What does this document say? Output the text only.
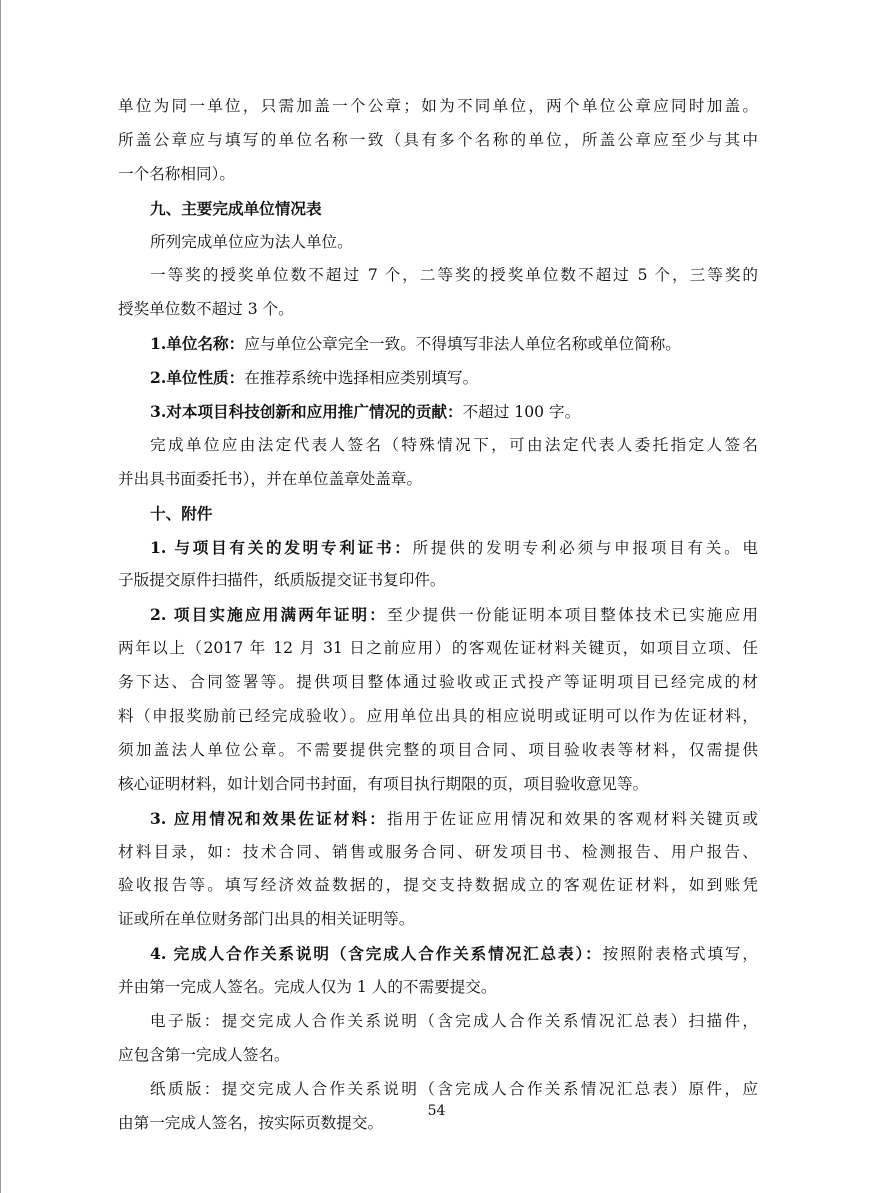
单位为同一单位，只需加盖一个公章；如为不同单位，两个单位公章应同时加盖。
所盖公章应与填写的单位名称一致（具有多个名称的单位，所盖公章应至少与其中
一个名称相同）。
九、主要完成单位情况表
所列完成单位应为法人单位。
一等奖的授奖单位数不超过 7 个，二等奖的授奖单位数不超过 5 个，三等奖的
授奖单位数不超过 3 个。
1.单位名称：应与单位公章完全一致。不得填写非法人单位名称或单位简称。
2.单位性质：在推荐系统中选择相应类别填写。
3.对本项目科技创新和应用推广情况的贡献：不超过 100 字。
完成单位应由法定代表人签名（特殊情况下，可由法定代表人委托指定人签名
并出具书面委托书），并在单位盖章处盖章。
十、附件
1. 与项目有关的发明专利证书：所提供的发明专利必须与申报项目有关。电
子版提交原件扫描件，纸质版提交证书复印件。
2. 项目实施应用满两年证明：至少提供一份能证明本项目整体技术已实施应用
两年以上（2017 年 12 月 31 日之前应用）的客观佐证材料关键页，如项目立项、任
务下达、合同签署等。提供项目整体通过验收或正式投产等证明项目已经完成的材
料（申报奖励前已经完成验收）。应用单位出具的相应说明或证明可以作为佐证材料，
须加盖法人单位公章。不需要提供完整的项目合同、项目验收表等材料，仅需提供
核心证明材料，如计划合同书封面，有项目执行期限的页，项目验收意见等。
3. 应用情况和效果佐证材料：指用于佐证应用情况和效果的客观材料关键页或
材料目录，如：技术合同、销售或服务合同、研发项目书、检测报告、用户报告、
验收报告等。填写经济效益数据的，提交支持数据成立的客观佐证材料，如到账凭
证或所在单位财务部门出具的相关证明等。
4. 完成人合作关系说明（含完成人合作关系情况汇总表）：按照附表格式填写，
并由第一完成人签名。完成人仅为 1 人的不需要提交。
电子版：提交完成人合作关系说明（含完成人合作关系情况汇总表）扫描件，
应包含第一完成人签名。
纸质版：提交完成人合作关系说明（含完成人合作关系情况汇总表）原件，应
由第一完成人签名，按实际页数提交。
54
